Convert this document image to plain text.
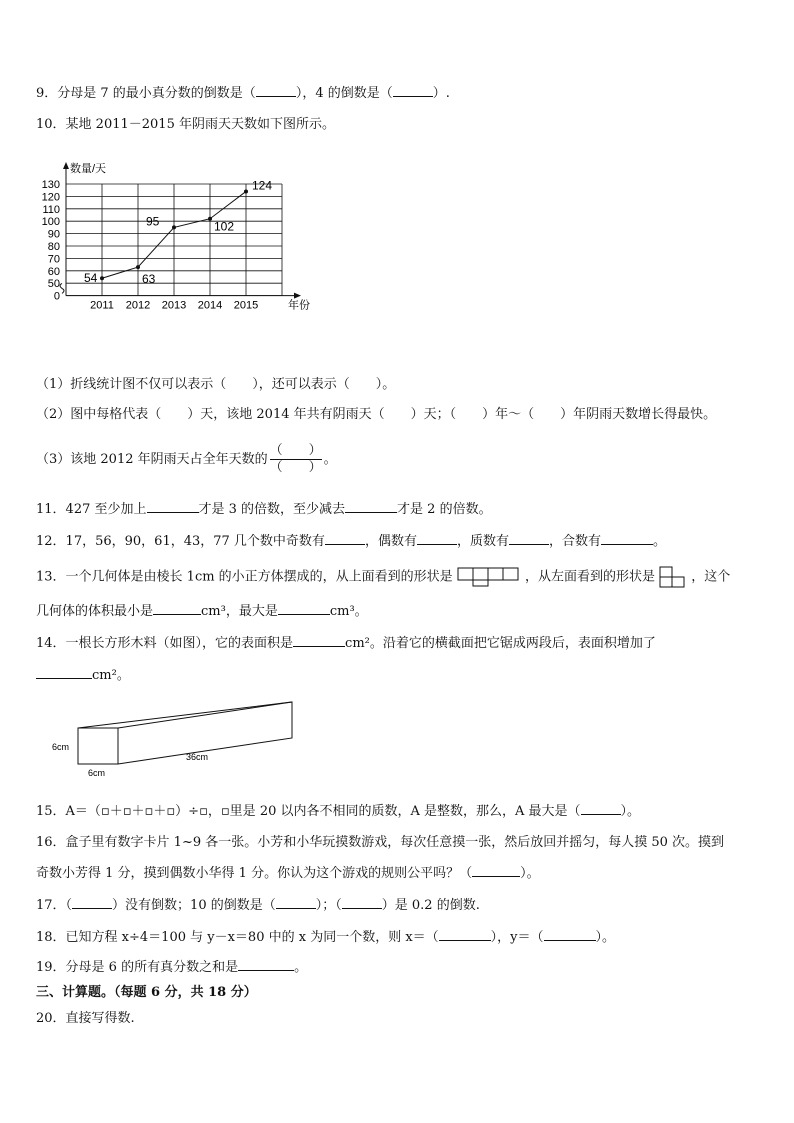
9．分母是 7 的最小真分数的倒数是（	），4 的倒数是（	）.
10．某地 2011－2015 年阴雨天天数如下图所示。
0
50
60
70
80
90
100
110
120
130
数量/天
2011 2012 2013 2014 2015	年份
54	63
95	102
124
（1）折线统计图不仅可以表示（　　），还可以表示（　　）。
（2）图中每格代表（　　）天，该地 2014 年共有阴雨天（　　）天；（　　）年～（　　）年阴雨天数增长得最快。
（3）该地 2012 年阴雨天占全年天数的 $\frac{( )}{( )}$ 。
11．427 至少加上	才是 3 的倍数，至少减去	才是 2 的倍数。
12．17，56，90，61，43，77 几个数中奇数有	，偶数有	，质数有	，合数有	。
13．一个几何体是由棱长 1cm 的小正方体摆成的，从上面看到的形状是	，从左面看到的形状是	，这个
几何体的体积最小是	cm³，最大是	cm³。
14．一根长方形木料（如图），它的表面积是	cm²。沿着它的横截面把它锯成两段后，表面积增加了
cm²。
6cm
6cm
36cm
15．A＝（▫＋▫＋▫＋▫）÷▫，▫里是 20 以内各不相同的质数，A 是整数，那么，A 最大是（	）。
16．盒子里有数字卡片 1~9 各一张。小芳和小华玩摸数游戏，每次任意摸一张，然后放回并摇匀，每人摸 50 次。摸到
奇数小芳得 1 分，摸到偶数小华得 1 分。你认为这个游戏的规则公平吗？（	）。
17．（	）没有倒数；10 的倒数是（	）；（	）是 0.2 的倒数.
18．已知方程 x÷4＝100 与 y－x＝80 中的 x 为同一个数，则 x＝（	），y＝（	）。
19．分母是 6 的所有真分数之和是	。
三、计算题。（每题 6 分，共 18 分）
20．直接写得数.
